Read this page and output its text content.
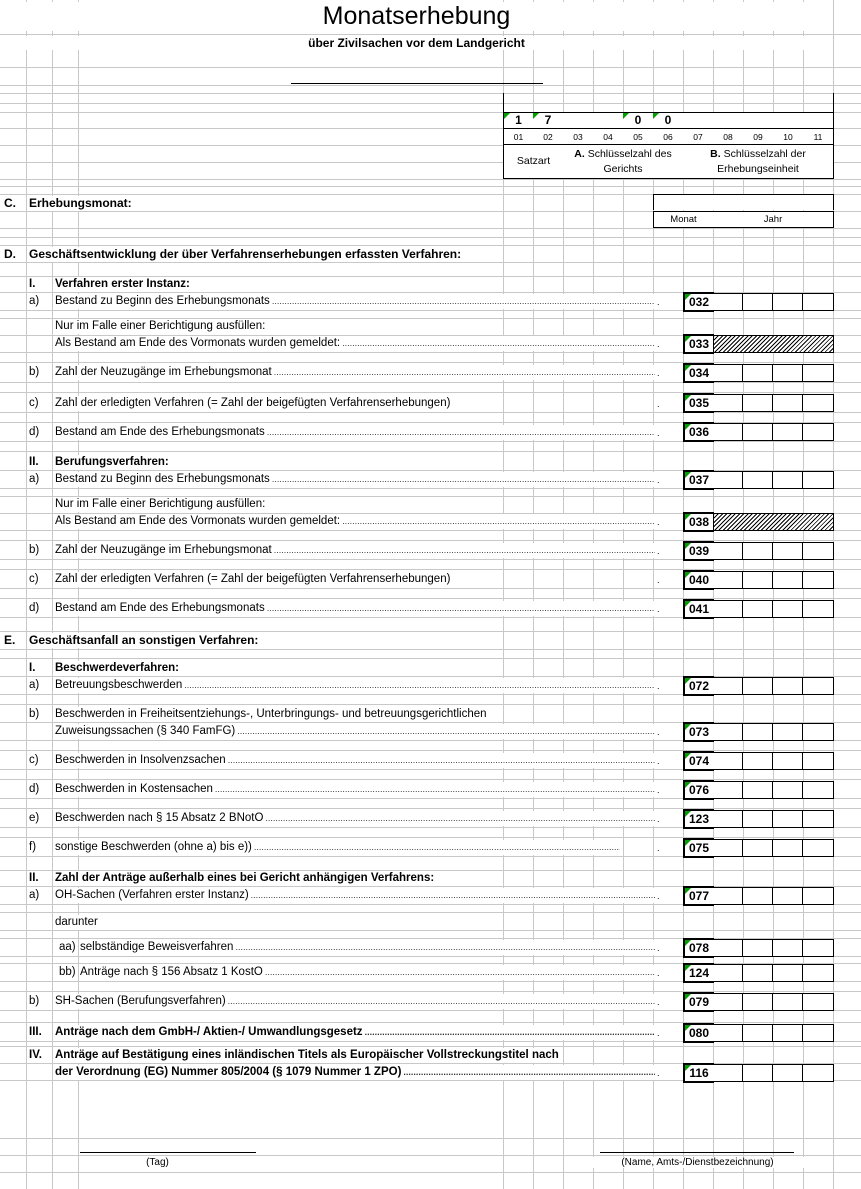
Monatserhebung
über Zivilsachen vor dem Landgericht
1	7	0	0
01	02	03	04	05	06	07	08	09	10	11
Satzart
A. Schlüsselzahl des Gerichts
B. Schlüsselzahl der Erhebungseinheit
C. Erhebungsmonat:
Monat	Jahr
D. Geschäftsentwicklung der über Verfahrenserhebungen erfassten Verfahren:
I. Verfahren erster Instanz:
a) Bestand zu Beginn des Erhebungsmonats .....	.	032
Nur im Falle einer Berichtigung ausfüllen:
Als Bestand am Ende des Vormonats wurden gemeldet: .....	.	033
b) Zahl der Neuzugänge im Erhebungsmonat .....	.	034
c) Zahl der erledigten Verfahren (= Zahl der beigefügten Verfahrenserhebungen)	.	035
d) Bestand am Ende des Erhebungsmonats .....	.	036
II. Berufungsverfahren:
a) Bestand zu Beginn des Erhebungsmonats .....	.	037
Nur im Falle einer Berichtigung ausfüllen:
Als Bestand am Ende des Vormonats wurden gemeldet: .....	.	038
b) Zahl der Neuzugänge im Erhebungsmonat .....	.	039
c) Zahl der erledigten Verfahren (= Zahl der beigefügten Verfahrenserhebungen)	.	040
d) Bestand am Ende des Erhebungsmonats .....	.	041
E. Geschäftsanfall an sonstigen Verfahren:
I. Beschwerdeverfahren:
a) Betreuungsbeschwerden .....	.	072
b) Beschwerden in Freiheitsentziehungs-, Unterbringungs- und betreuungsgerichtlichen
Zuweisungssachen (§ 340 FamFG) .....	.	073
c) Beschwerden in Insolvenzsachen .....	.	074
d) Beschwerden in Kostensachen .....	.	076
e) Beschwerden nach § 15 Absatz 2 BNotO .....	.	123
f) sonstige Beschwerden (ohne a) bis e)) .....	.	075
II. Zahl der Anträge außerhalb eines bei Gericht anhängigen Verfahrens:
a) OH-Sachen (Verfahren erster Instanz) .....	.	077
darunter
aa) selbständige Beweisverfahren .....	.	078
bb) Anträge nach § 156 Absatz 1 KostO .....	.	124
b) SH-Sachen (Berufungsverfahren) .....	.	079
III. Anträge nach dem GmbH-/ Aktien-/ Umwandlungsgesetz .....	.	080
IV. Anträge auf Bestätigung eines inländischen Titels als Europäischer Vollstreckungstitel nach
der Verordnung (EG) Nummer 805/2004 (§ 1079 Nummer 1 ZPO) .....	.	116
(Tag)	(Name, Amts-/Dienstbezeichnung)
